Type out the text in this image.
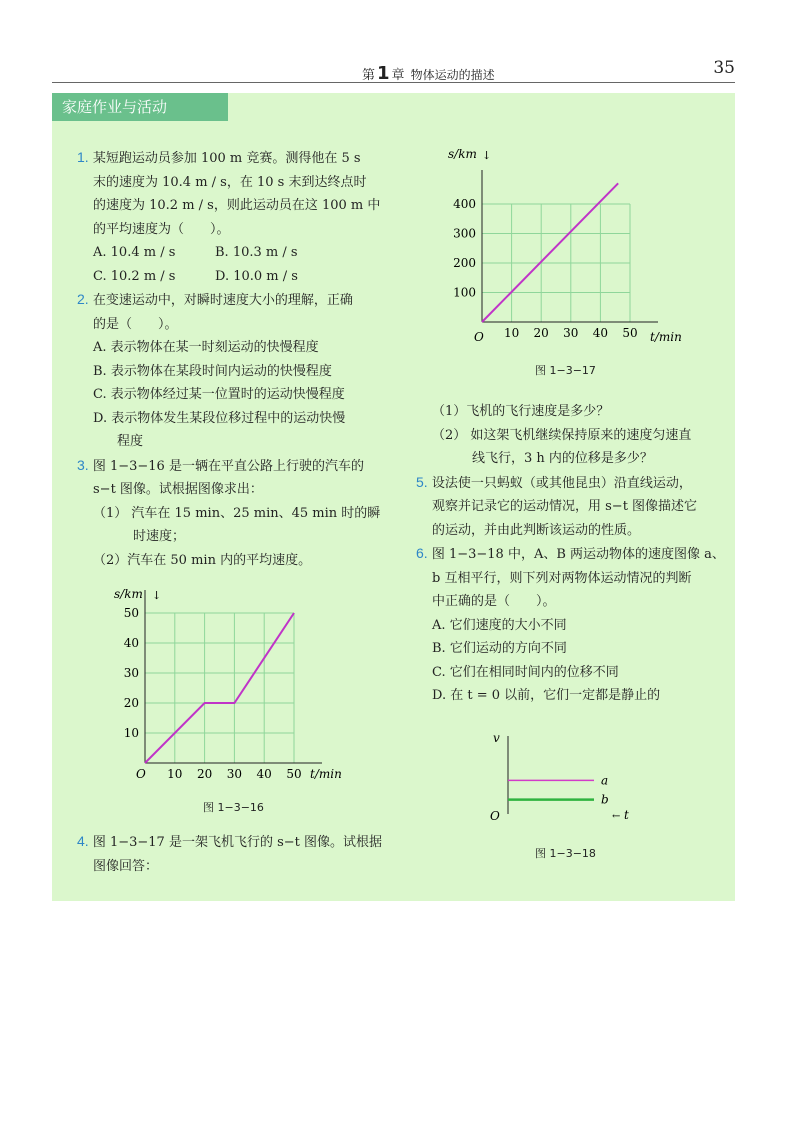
第 1 章 物体运动的描述	35
家庭作业与活动

1. 某短跑运动员参加 100 m 竞赛。测得他在 5 s

末的速度为 10.4 m / s，在 10 s 末到达终点时

的速度为 10.2 m / s，则此运动员在这 100 m 中

的平均速度为（　　）。

A. 10.4 m / s	B. 10.3 m / s

C. 10.2 m / s	D. 10.0 m / s

2. 在变速运动中，对瞬时速度大小的理解，正确

的是（　　）。

A. 表示物体在某一时刻运动的快慢程度

B. 表示物体在某段时间内运动的快慢程度

C. 表示物体经过某一位置时的运动快慢程度

D. 表示物体发生某段位移过程中的运动快慢

程度

3. 图 1−3−16 是一辆在平直公路上行驶的汽车的

s−t 图像。试根据图像求出：

（1） 汽车在 15 min、25 min、45 min 时的瞬

时速度；

（2）汽车在 50 min 内的平均速度。

s/km ↓
O	t/min
10 20 30 40 50
10
20
30
40
50
图 1−3−16

4. 图 1−3−17 是一架飞机飞行的 s−t 图像。试根据

图像回答：

s/km ↓
O	t/min
10 20 30 40 50
100
200
300
400
图 1−3−17

（1）飞机的飞行速度是多少？

（2） 如这架飞机继续保持原来的速度匀速直

线飞行，3 h 内的位移是多少？

5. 设法使一只蚂蚁（或其他昆虫）沿直线运动，

观察并记录它的运动情况，用 s−t 图像描述它

的运动，并由此判断该运动的性质。

6. 图 1−3−18 中，A、B 两运动物体的速度图像 a、

b 互相平行，则下列对两物体运动情况的判断

中正确的是（　　）。

A. 它们速度的大小不同

B. 它们运动的方向不同

C. 它们在相同时间内的位移不同

D. 在 t = 0 以前，它们一定都是静止的

v
O	← t
a
b
图 1−3−18
